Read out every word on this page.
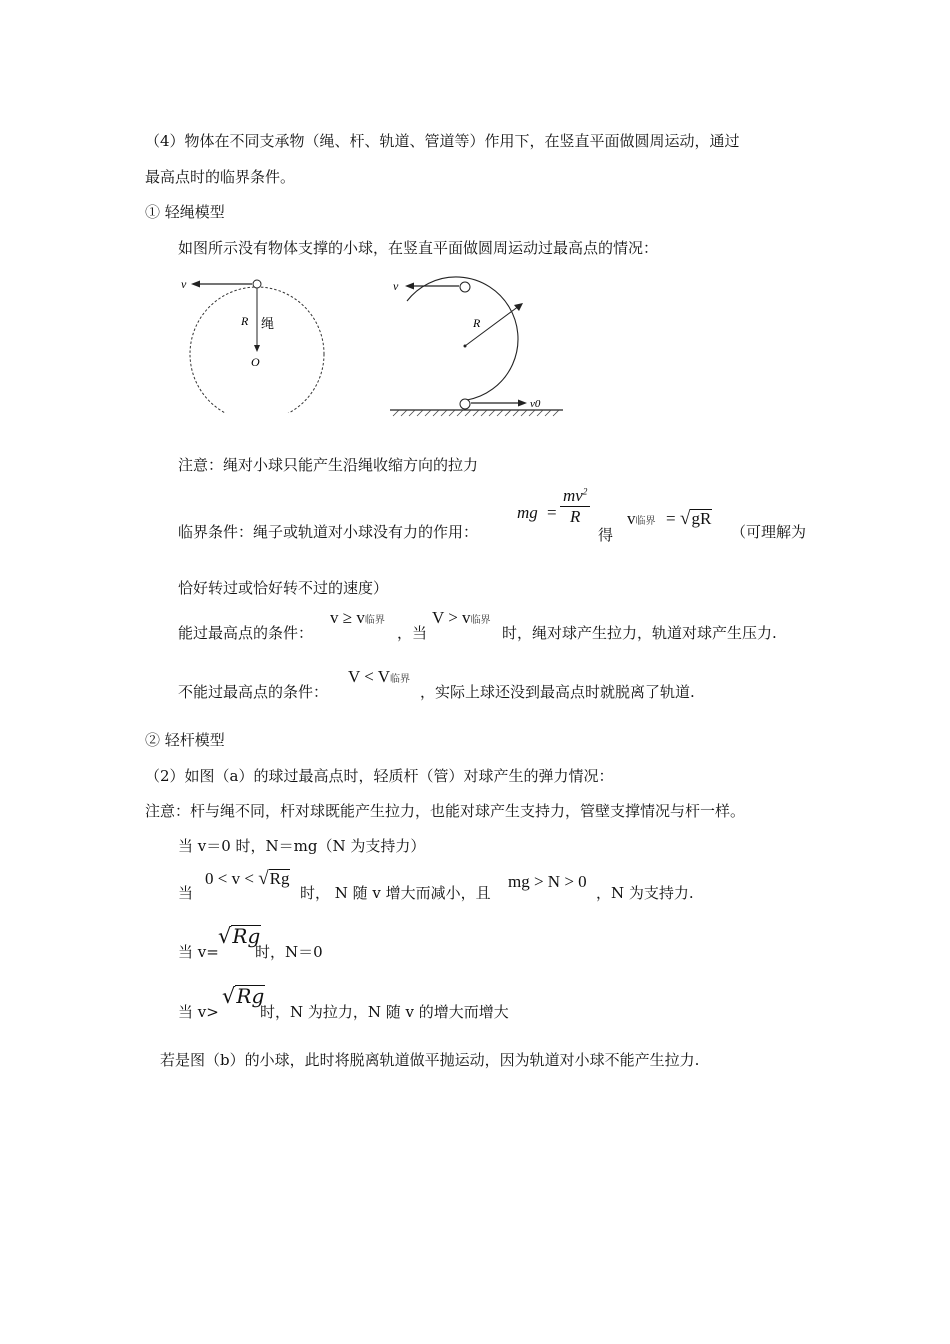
（4）物体在不同支承物（绳、杆、轨道、管道等）作用下，在竖直平面做圆周运动，通过
最高点时的临界条件。
① 轻绳模型
如图所示没有物体支撑的小球，在竖直平面做圆周运动过最高点的情况：
v
R 绳
O
v
R
v0
注意：绳对小球只能产生沿绳收缩方向的拉力
临界条件：绳子或轨道对小球没有力的作用：
mg = $\frac{mv^2}{R}$
得
v临界 = √gR
（可理解为
恰好转过或恰好转不过的速度）
能过最高点的条件：
v ≥ v临界
，当
V > v临界
时，绳对球产生拉力，轨道对球产生压力.
不能过最高点的条件：
V < V临界
，实际上球还没到最高点时就脱离了轨道.
② 轻杆模型
（2）如图（a）的球过最高点时，轻质杆（管）对球产生的弹力情况：
注意：杆与绳不同，杆对球既能产生拉力，也能对球产生支持力，管壁支撑情况与杆一样。
当 v＝0 时，N＝mg（N 为支持力）
当
0 < v < √Rg
时， N 随 v 增大而减小，且
mg > N > 0
，N 为支持力.
当 v=
√Rg
时，N＝0
当 v>
√Rg
时，N 为拉力，N 随 v 的增大而增大
若是图（b）的小球，此时将脱离轨道做平抛运动，因为轨道对小球不能产生拉力.
